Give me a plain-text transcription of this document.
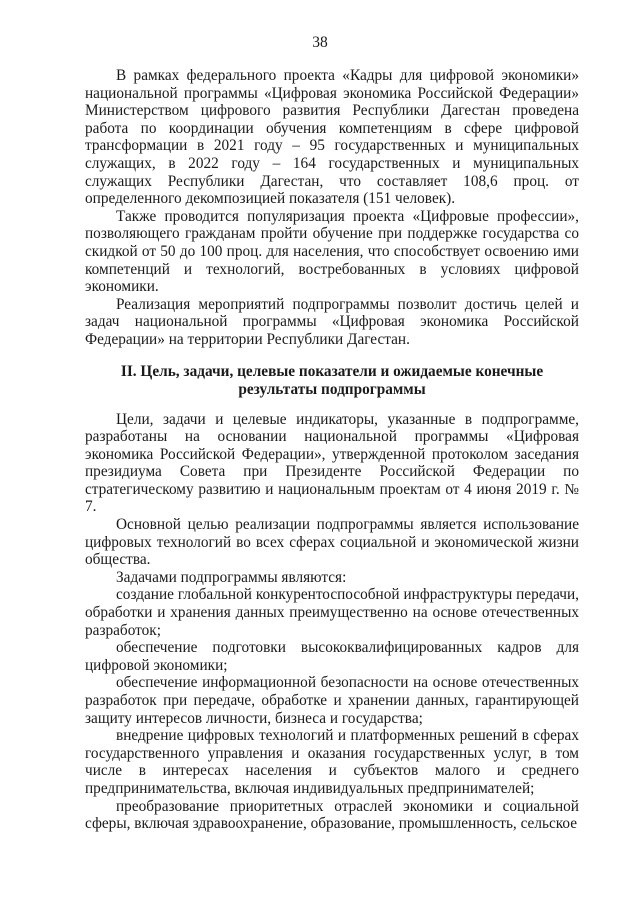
38

В рамках федерального проекта «Кадры для цифровой экономики» национальной программы «Цифровая экономика Российской Федерации» Министерством цифрового развития Республики Дагестан проведена работа по координации обучения компетенциям в сфере цифровой трансформации в 2021 году – 95 государственных и муниципальных служащих, в 2022 году – 164 государственных и муниципальных служащих Республики Дагестан, что составляет 108,6 проц. от определенного декомпозицией показателя (151 человек).

Также проводится популяризация проекта «Цифровые профессии», позволяющего гражданам пройти обучение при поддержке государства со скидкой от 50 до 100 проц. для населения, что способствует освоению ими компетенций и технологий, востребованных в условиях цифровой экономики.

Реализация мероприятий подпрограммы позволит достичь целей и задач национальной программы «Цифровая экономика Российской Федерации» на территории Республики Дагестан.

II. Цель, задачи, целевые показатели и ожидаемые конечные результаты подпрограммы

Цели, задачи и целевые индикаторы, указанные в подпрограмме, разработаны на основании национальной программы «Цифровая экономика Российской Федерации», утвержденной протоколом заседания президиума Совета при Президенте Российской Федерации по стратегическому развитию и национальным проектам от 4 июня 2019 г. № 7.

Основной целью реализации подпрограммы является использование цифровых технологий во всех сферах социальной и экономической жизни общества.

Задачами подпрограммы являются:

создание глобальной конкурентоспособной инфраструктуры передачи, обработки и хранения данных преимущественно на основе отечественных разработок;

обеспечение подготовки высококвалифицированных кадров для цифровой экономики;

обеспечение информационной безопасности на основе отечественных разработок при передаче, обработке и хранении данных, гарантирующей защиту интересов личности, бизнеса и государства;

внедрение цифровых технологий и платформенных решений в сферах государственного управления и оказания государственных услуг, в том числе в интересах населения и субъектов малого и среднего предпринимательства, включая индивидуальных предпринимателей;

преобразование приоритетных отраслей экономики и социальной сферы, включая здравоохранение, образование, промышленность, сельское
